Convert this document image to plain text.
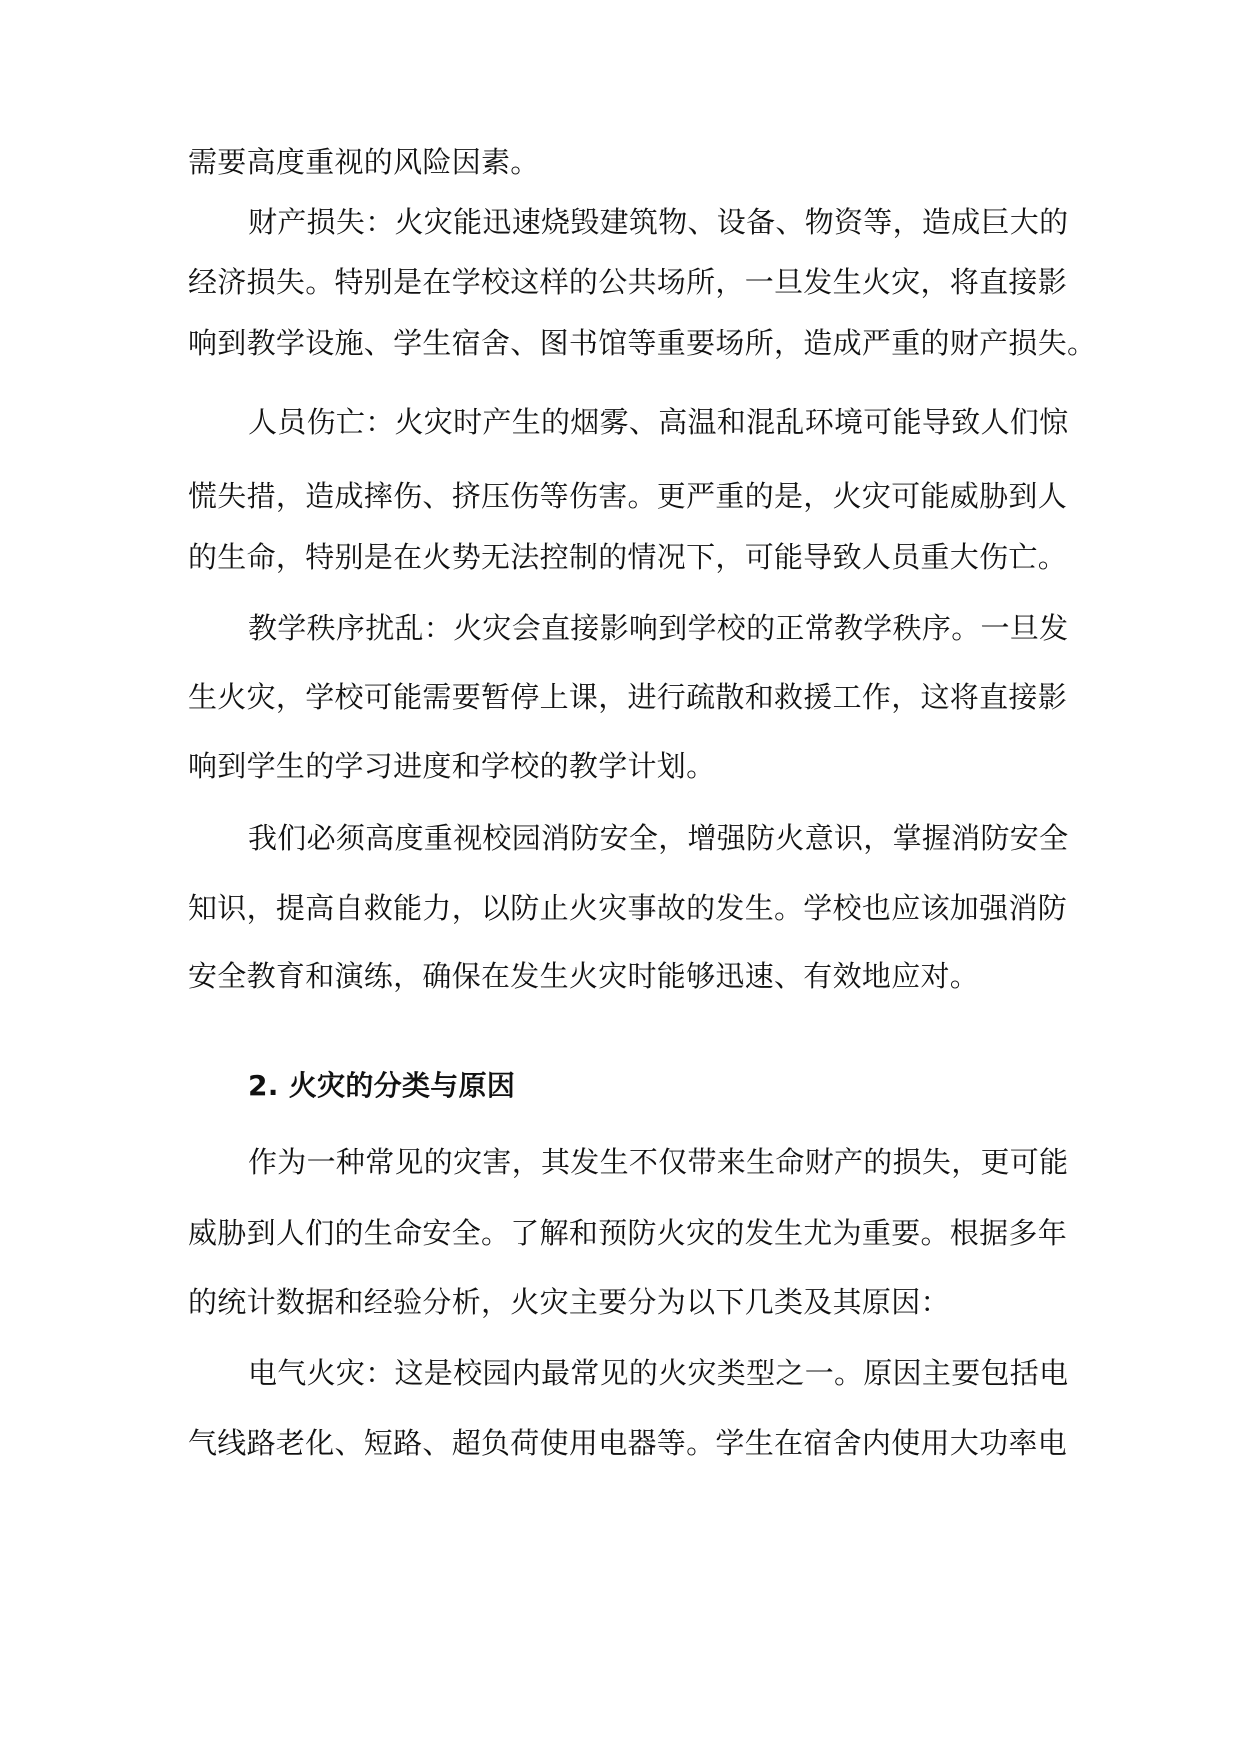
需要高度重视的风险因素。
财产损失：火灾能迅速烧毁建筑物、设备、物资等，造成巨大的
经济损失。特别是在学校这样的公共场所，一旦发生火灾，将直接影
响到教学设施、学生宿舍、图书馆等重要场所，造成严重的财产损失。
人员伤亡：火灾时产生的烟雾、高温和混乱环境可能导致人们惊
慌失措，造成摔伤、挤压伤等伤害。更严重的是，火灾可能威胁到人
的生命，特别是在火势无法控制的情况下，可能导致人员重大伤亡。
教学秩序扰乱：火灾会直接影响到学校的正常教学秩序。一旦发
生火灾，学校可能需要暂停上课，进行疏散和救援工作，这将直接影
响到学生的学习进度和学校的教学计划。
我们必须高度重视校园消防安全，增强防火意识，掌握消防安全
知识，提高自救能力，以防止火灾事故的发生。学校也应该加强消防
安全教育和演练，确保在发生火灾时能够迅速、有效地应对。
2. 火灾的分类与原因
作为一种常见的灾害，其发生不仅带来生命财产的损失，更可能
威胁到人们的生命安全。了解和预防火灾的发生尤为重要。根据多年
的统计数据和经验分析，火灾主要分为以下几类及其原因：
电气火灾：这是校园内最常见的火灾类型之一。原因主要包括电
气线路老化、短路、超负荷使用电器等。学生在宿舍内使用大功率电
